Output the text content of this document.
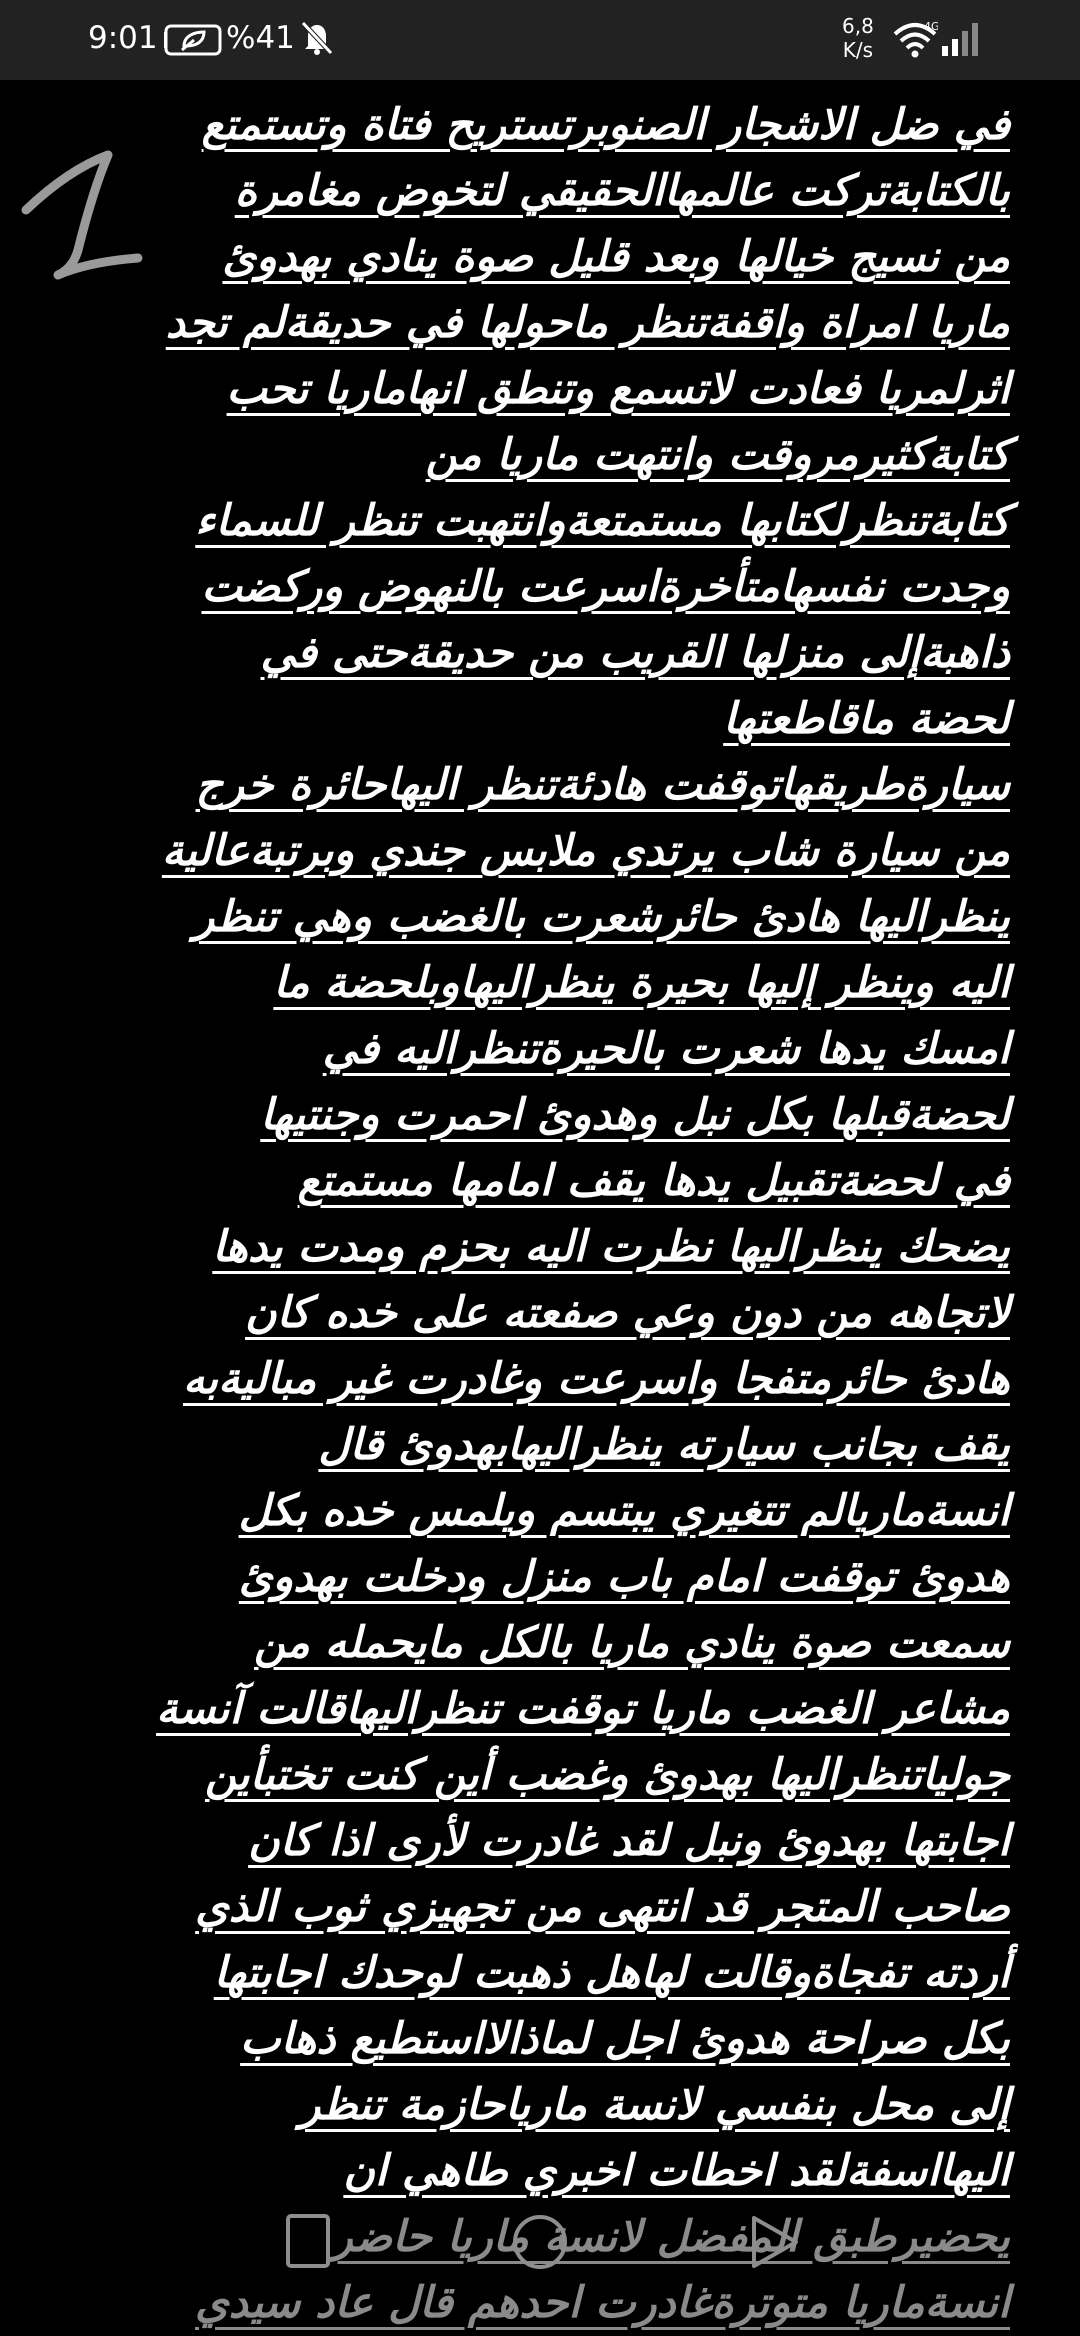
9:01 %41	6,8
K/s
4G
في ضل الاشجار الصنوبرتستريح فتاة وتستمتع
بالكتابةتركت عالمهاالحقيقي لتخوض مغامرة
من نسيج خيالها وبعد قليل صوة ينادي بهدوئ
ماريا امراة واقفةتنظر ماحولها في حديقةلم تجد
اثرلمريا فعادت لاتسمع وتنطق انهاماريا تحب
كتابةكثيرمروقت وانتهت ماريا من
كتابةتنظرلكتابها مستمتعةوانتهبت تنظر للسماء
وجدت نفسهامتأخرةاسرعت بالنهوض وركضت
ذاهبةإلى منزلها القريب من حديقةحتى في
لحضة ماقاطعتها
سيارةطريقهاتوقفت هادئةتنظر اليهاحائرة خرج
من سيارة شاب يرتدي ملابس جندي وبرتبةعالية
ينظراليها هادئ حائرشعرت بالغضب وهي تنظر
اليه وينظر إليها بحيرة ينظراليهاوبلحضة ما
امسك يدها شعرت بالحيرةتنظراليه في
لحضةقبلها بكل نبل وهدوئ احمرت وجنتيها
في لحضةتقبيل يدها يقف امامها مستمتع
يضحك ينظراليها نظرت اليه بحزم ومدت يدها
لاتجاهه من دون وعي صفعته على خده كان
هادئ حائرمتفجا واسرعت وغادرت غير مباليةبه
يقف بجانب سيارته ينظراليهابهدوئ قال
انسةماريالم تتغيري يبتسم ويلمس خده بكل
هدوئ توقفت امام باب منزل ودخلت بهدوئ
سمعت صوة ينادي ماريا بالكل مايحمله من
مشاعر الغضب ماريا توقفت تنظراليهاقالت آنسة
جولياتنظراليها بهدوئ وغضب أين كنت تختبأين
اجابتها بهدوئ ونبل لقد غادرت لأرى اذا كان
صاحب المتجر قد انتهى من تجهيزي ثوب الذي
أردته تفجاةوقالت لهاهل ذهبت لوحدك اجابتها
بكل صراحة هدوئ اجل لماذالااستطيع ذهاب
إلى محل بنفسي لانسة مارياحازمة تنظر
اليهااسفةلقد اخطات اخبري طاهي ان
يحضيرطبق المفضل لانسة ماريا حاضر
انسةماريا متوترةغادرت احدهم قال عاد سيدي
